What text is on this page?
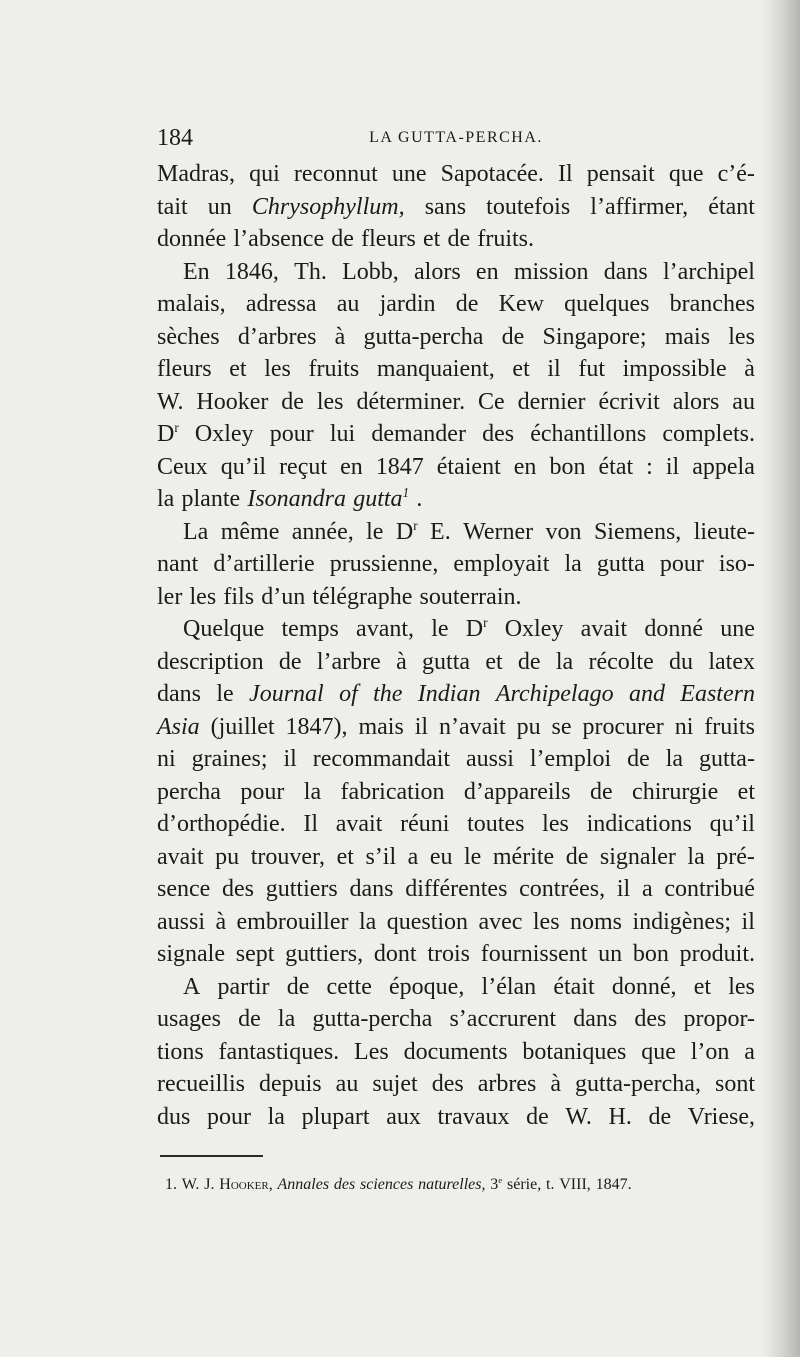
184	LA GUTTA-PERCHA.
Madras, qui reconnut une Sapotacée. Il pensait que c’é-
tait un Chrysophyllum, sans toutefois l’affirmer, étant
donnée l’absence de fleurs et de fruits.
En 1846, Th. Lobb, alors en mission dans l’archipel
malais, adressa au jardin de Kew quelques branches
sèches d’arbres à gutta-percha de Singapore; mais les
fleurs et les fruits manquaient, et il fut impossible à
W. Hooker de les déterminer. Ce dernier écrivit alors au
$D^r$ Oxley pour lui demander des échantillons complets.
Ceux qu’il reçut en 1847 étaient en bon état : il appela
la plante Isonandra gutta$^1$ .
La même année, le $D^r$ E. Werner von Siemens, lieute-
nant d’artillerie prussienne, employait la gutta pour iso-
ler les fils d’un télégraphe souterrain.
Quelque temps avant, le $D^r$ Oxley avait donné une
description de l’arbre à gutta et de la récolte du latex
dans le Journal of the Indian Archipelago and Eastern
Asia (juillet 1847), mais il n’avait pu se procurer ni fruits
ni graines; il recommandait aussi l’emploi de la gutta-
percha pour la fabrication d’appareils de chirurgie et
d’orthopédie. Il avait réuni toutes les indications qu’il
avait pu trouver, et s’il a eu le mérite de signaler la pré-
sence des guttiers dans différentes contrées, il a contribué
aussi à embrouiller la question avec les noms indigènes; il
signale sept guttiers, dont trois fournissent un bon produit.
A partir de cette époque, l’élan était donné, et les
usages de la gutta-percha s’accrurent dans des propor-
tions fantastiques. Les documents botaniques que l’on a
recueillis depuis au sujet des arbres à gutta-percha, sont
dus pour la plupart aux travaux de W. H. de Vriese,
1. W. J. Hooker, Annales des sciences naturelles, 3e série, t. VIII, 1847.
